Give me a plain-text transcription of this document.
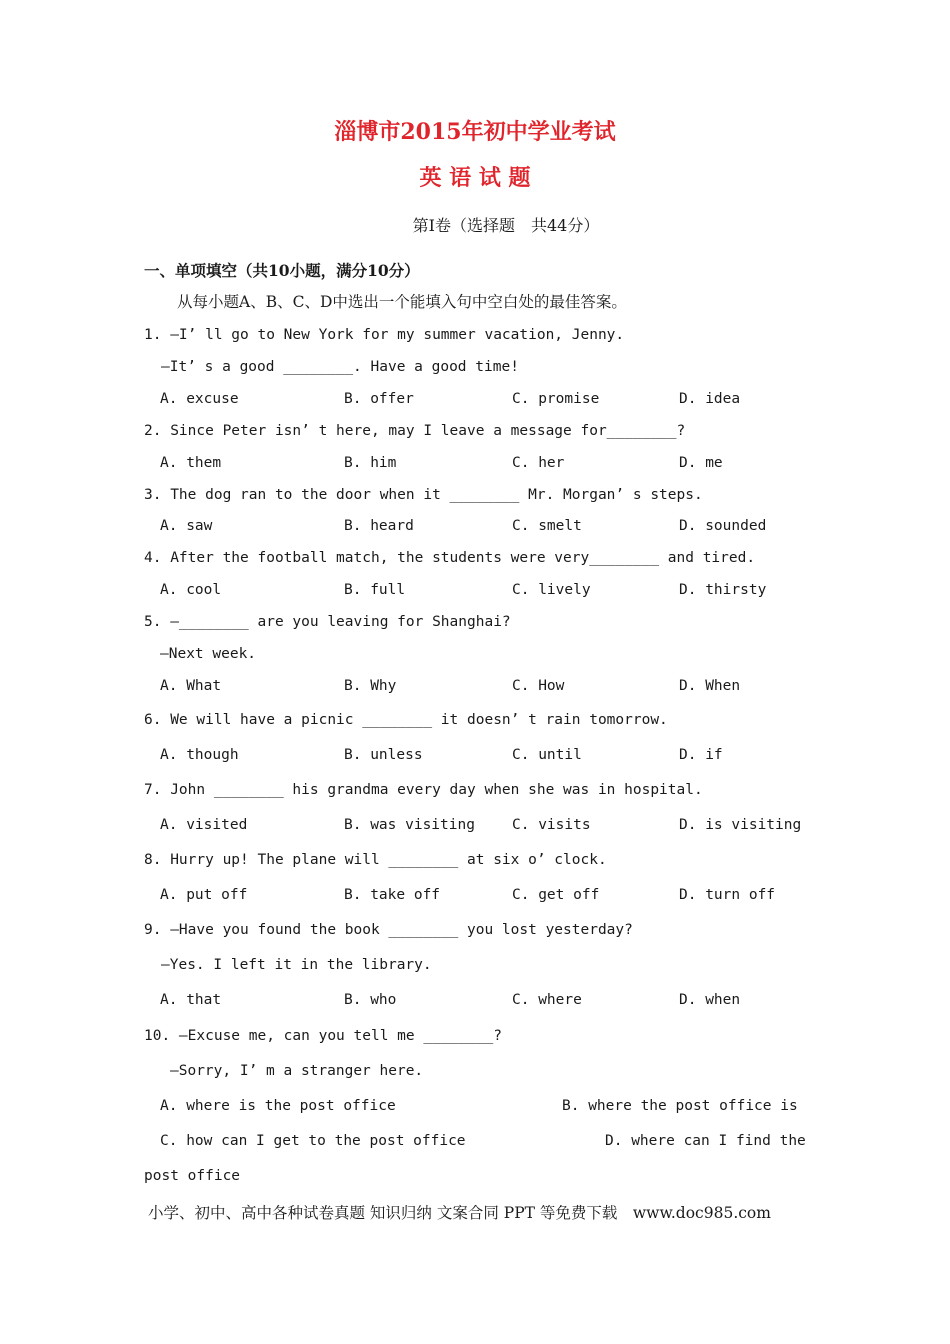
淄博市2015年初中学业考试
英 语 试 题
第Ⅰ卷（选择题　共44分）
一、单项填空（共10小题，满分10分）
从每小题A、B、C、D中选出一个能填入句中空白处的最佳答案。
1. —I’ ll go to New York for my summer vacation, Jenny.
—It’ s a good ________. Have a good time!
A. excuse	B. offer	C. promise	D. idea
2. Since Peter isn’ t here, may I leave a message for________?
A. them	B. him	C. her	D. me
3. The dog ran to the door when it ________ Mr. Morgan’ s steps.
A. saw	B. heard	C. smelt	D. sounded
4. After the football match, the students were very________ and tired.
A. cool	B. full	C. lively	D. thirsty
5. —________ are you leaving for Shanghai?
—Next week.
A. What	B. Why	C. How	D. When
6. We will have a picnic ________ it doesn’ t rain tomorrow.
A. though	B. unless	C. until	D. if
7. John ________ his grandma every day when she was in hospital.
A. visited	B. was visiting	C. visits	D. is visiting
8. Hurry up! The plane will ________ at six o’ clock.
A. put off	B. take off	C. get off	D. turn off
9. —Have you found the book ________ you lost yesterday?
—Yes. I left it in the library.
A. that	B. who	C. where	D. when
10. —Excuse me, can you tell me ________?
—Sorry, I’ m a stranger here.
A. where is the post office	B. where the post office is
C. how can I get to the post office	D. where can I find the
post office
小学、初中、高中各种试卷真题 知识归纳 文案合同 PPT 等免费下载　www.doc985.com
